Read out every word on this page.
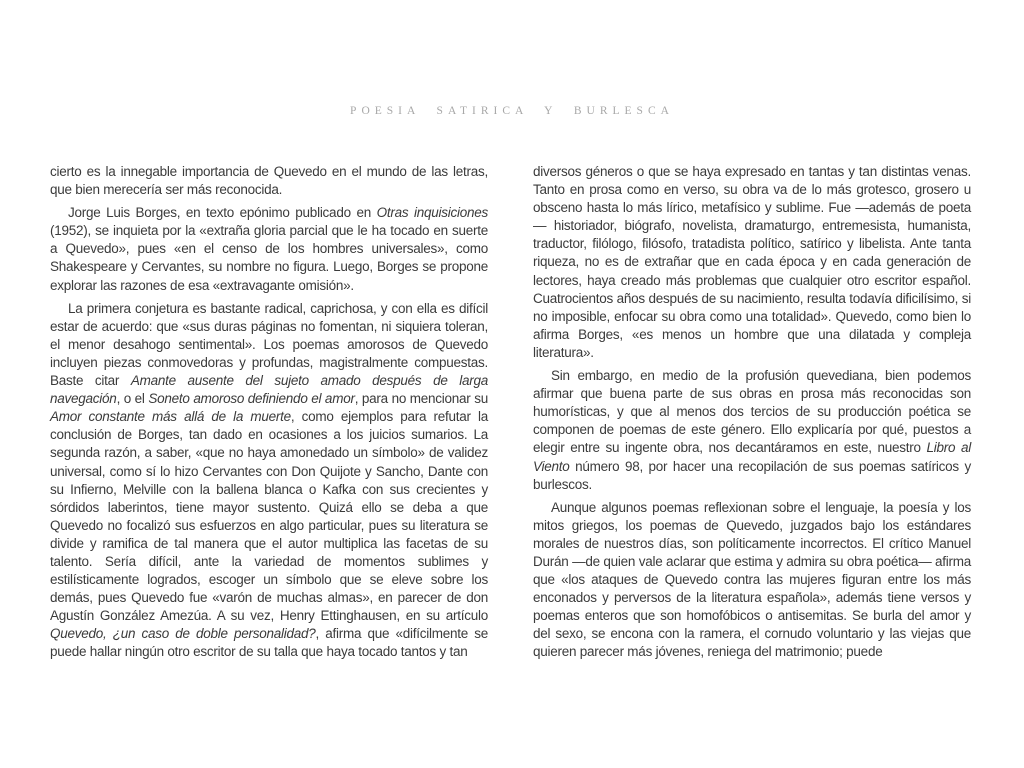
POESIA SATIRICA Y BURLESCA

cierto es la innegable importancia de Quevedo en el mundo de las letras, que bien merecería ser más reconocida.

Jorge Luis Borges, en texto epónimo publicado en Otras inquisiciones (1952), se inquieta por la «extraña gloria parcial que le ha tocado en suerte a Quevedo», pues «en el censo de los hombres universales», como Shakespeare y Cervantes, su nombre no figura. Luego, Borges se propone explorar las razones de esa «extravagante omisión».

La primera conjetura es bastante radical, caprichosa, y con ella es difícil estar de acuerdo: que «sus duras páginas no fomentan, ni siquiera toleran, el menor desahogo sentimental». Los poemas amorosos de Quevedo incluyen piezas conmovedoras y profundas, magistralmente compuestas. Baste citar Amante ausente del sujeto amado después de larga navegación, o el Soneto amoroso definiendo el amor, para no mencionar su Amor constante más allá de la muerte, como ejemplos para refutar la conclusión de Borges, tan dado en ocasiones a los juicios sumarios. La segunda razón, a saber, «que no haya amonedado un símbolo» de validez universal, como sí lo hizo Cervantes con Don Quijote y Sancho, Dante con su Infierno, Melville con la ballena blanca o Kafka con sus crecientes y sórdidos laberintos, tiene mayor sustento. Quizá ello se deba a que Quevedo no focalizó sus esfuerzos en algo particular, pues su literatura se divide y ramifica de tal manera que el autor multiplica las facetas de su talento. Sería difícil, ante la variedad de momentos sublimes y estilísticamente logrados, escoger un símbolo que se eleve sobre los demás, pues Quevedo fue «varón de muchas almas», en parecer de don Agustín González Amezúa. A su vez, Henry Ettinghausen, en su artículo Quevedo, ¿un caso de doble personalidad?, afirma que «difícilmente se puede hallar ningún otro escritor de su talla que haya tocado tantos y tan

diversos géneros o que se haya expresado en tantas y tan distintas venas. Tanto en prosa como en verso, su obra va de lo más grotesco, grosero u obsceno hasta lo más lírico, metafísico y sublime. Fue —además de poeta— historiador, biógrafo, novelista, dramaturgo, entremesista, humanista, traductor, filólogo, filósofo, tratadista político, satírico y libelista. Ante tanta riqueza, no es de extrañar que en cada época y en cada generación de lectores, haya creado más problemas que cualquier otro escritor español. Cuatrocientos años después de su nacimiento, resulta todavía dificilísimo, si no imposible, enfocar su obra como una totalidad». Quevedo, como bien lo afirma Borges, «es menos un hombre que una dilatada y compleja literatura».

Sin embargo, en medio de la profusión quevediana, bien podemos afirmar que buena parte de sus obras en prosa más reconocidas son humorísticas, y que al menos dos tercios de su producción poética se componen de poemas de este género. Ello explicaría por qué, puestos a elegir entre su ingente obra, nos decantáramos en este, nuestro Libro al Viento número 98, por hacer una recopilación de sus poemas satíricos y burlescos.

Aunque algunos poemas reflexionan sobre el lenguaje, la poesía y los mitos griegos, los poemas de Quevedo, juzgados bajo los estándares morales de nuestros días, son políticamente incorrectos. El crítico Manuel Durán —de quien vale aclarar que estima y admira su obra poética— afirma que «los ataques de Quevedo contra las mujeres figuran entre los más enconados y perversos de la literatura española», además tiene versos y poemas enteros que son homofóbicos o antisemitas. Se burla del amor y del sexo, se encona con la ramera, el cornudo voluntario y las viejas que quieren parecer más jóvenes, reniega del matrimonio; puede
